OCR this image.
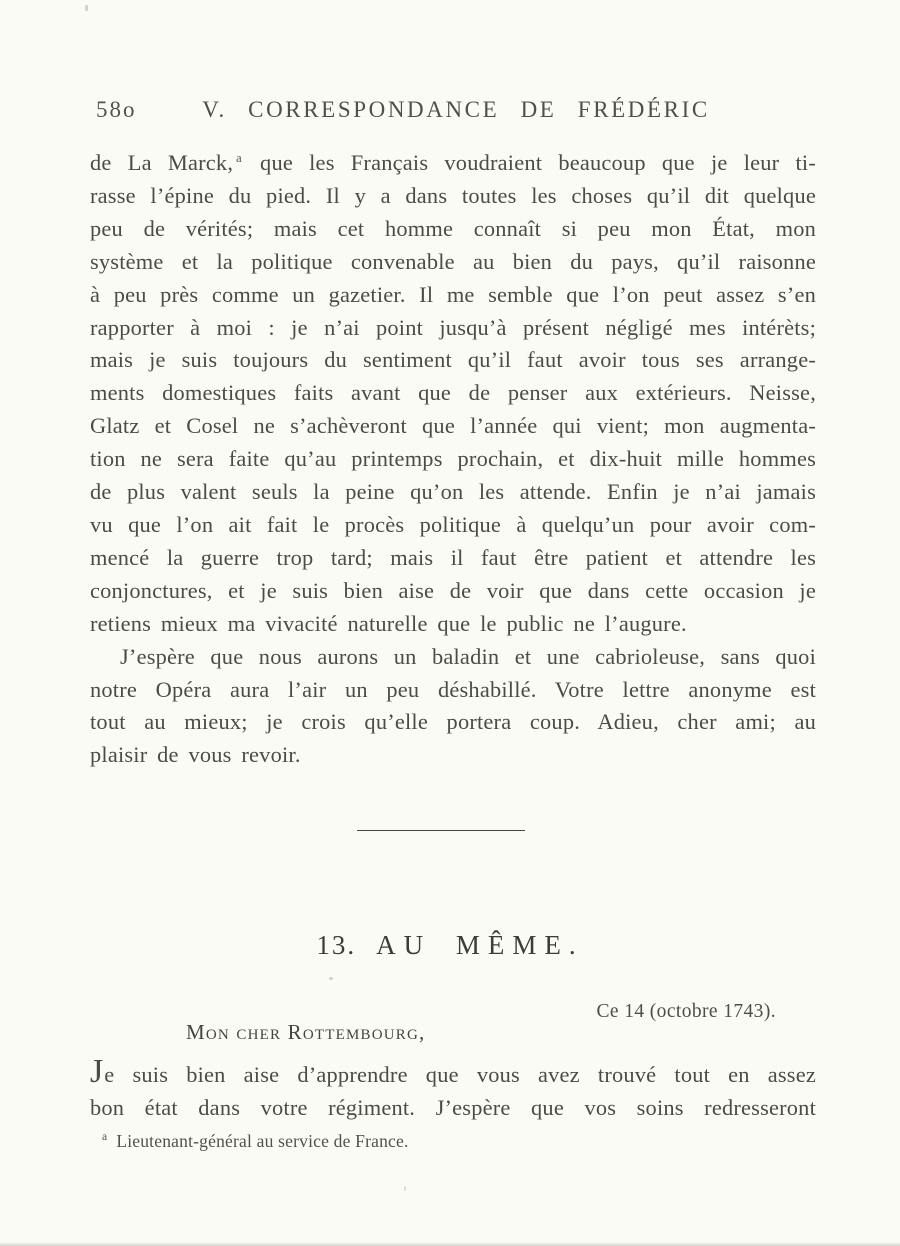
58o	V. CORRESPONDANCE DE FRÉDÉRIC
de La Marck, $^a$ que les Français voudraient beaucoup que je leur ti-
rasse l’épine du pied. Il y a dans toutes les choses qu’il dit quelque
peu de vérités; mais cet homme connaît si peu mon État, mon
système et la politique convenable au bien du pays, qu’il raisonne
à peu près comme un gazetier. Il me semble que l’on peut assez s’en
rapporter à moi : je n’ai point jusqu’à présent négligé mes intérèts;
mais je suis toujours du sentiment qu’il faut avoir tous ses arrange-
ments domestiques faits avant que de penser aux extérieurs. Neisse,
Glatz et Cosel ne s’achèveront que l’année qui vient; mon augmenta-
tion ne sera faite qu’au printemps prochain, et dix-huit mille hommes
de plus valent seuls la peine qu’on les attende. Enfin je n’ai jamais
vu que l’on ait fait le procès politique à quelqu’un pour avoir com-
mencé la guerre trop tard; mais il faut être patient et attendre les
conjonctures, et je suis bien aise de voir que dans cette occasion je
retiens mieux ma vivacité naturelle que le public ne l’augure.
J’espère que nous aurons un baladin et une cabrioleuse, sans quoi
notre Opéra aura l’air un peu déshabillé. Votre lettre anonyme est
tout au mieux; je crois qu’elle portera coup. Adieu, cher ami; au
plaisir de vous revoir.
13. AU MÊME.
Ce 14 (octobre 1743).
Mon cher Rottembourg,
Je suis bien aise d’apprendre que vous avez trouvé tout en assez
bon état dans votre régiment. J’espère que vos soins redresseront
$^a$ Lieutenant-général au service de France.
